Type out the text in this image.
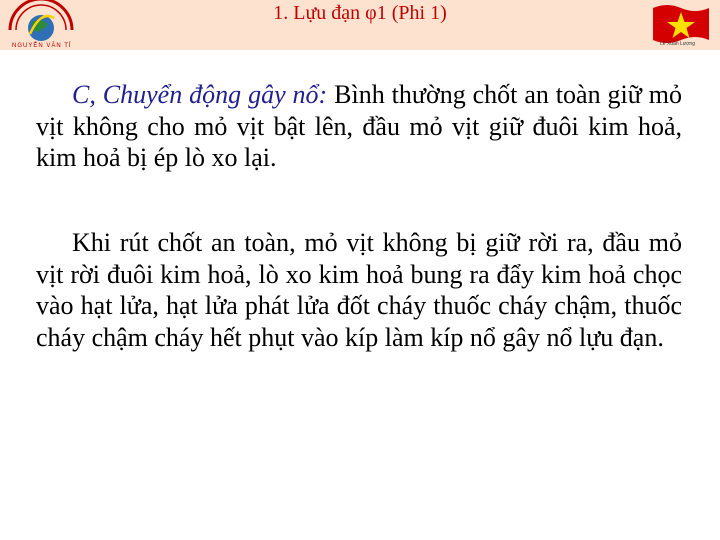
NGUYỄN VĂN TỈ
1. Lựu đạn φ1 (Phi 1)
Lê Xuân Lượng
C, Chuyển động gây nổ: Bình thường chốt an toàn giữ mỏ vịt không cho mỏ vịt bật lên, đầu mỏ vịt giữ đuôi kim hoả, kim hoả bị ép lò xo lại.
Khi rút chốt an toàn, mỏ vịt không bị giữ rời ra, đầu mỏ vịt rời đuôi kim hoả, lò xo kim hoả bung ra đẩy kim hoả chọc vào hạt lửa, hạt lửa phát lửa đốt cháy thuốc cháy chậm, thuốc cháy chậm cháy hết phụt vào kíp làm kíp nổ gây nổ lựu đạn.
